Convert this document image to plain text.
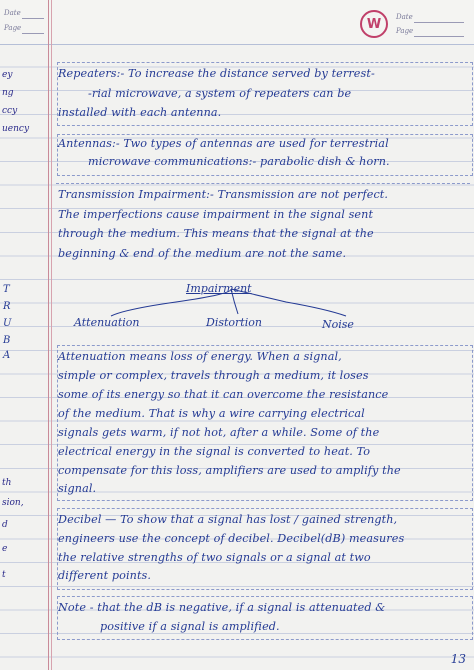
W	Date
Page
Date
Page
ey
ng
ccy
uency
th
sion,
d
e
t
Repeaters:- To increase the distance served by terrest-
-rial microwave, a system of repeaters can be
installed with each antenna.
Antennas:- Two types of antennas are used for terrestrial
microwave communications:- parabolic dish & horn.
Transmission Impairment:- Transmission are not perfect.
The imperfections cause impairment in the signal sent
through the medium. This means that the signal at the
beginning & end of the medium are not the same.
Impairment
Attenuation	Distortion	Noise
T
R
U
B
A	Attenuation means loss of energy. When a signal,
simple or complex, travels through a medium, it loses
some of its energy so that it can overcome the resistance
of the medium. That is why a wire carrying electrical
signals gets warm, if not hot, after a while. Some of the
electrical energy in the signal is converted to heat. To
compensate for this loss, amplifiers are used to amplify the
signal.
Decibel — To show that a signal has lost / gained strength,
engineers use the concept of decibel. Decibel(dB) measures
the relative strengths of two signals or a signal at two
different points.
Note - that the dB is negative, if a signal is attenuated &
positive if a signal is amplified.
13
